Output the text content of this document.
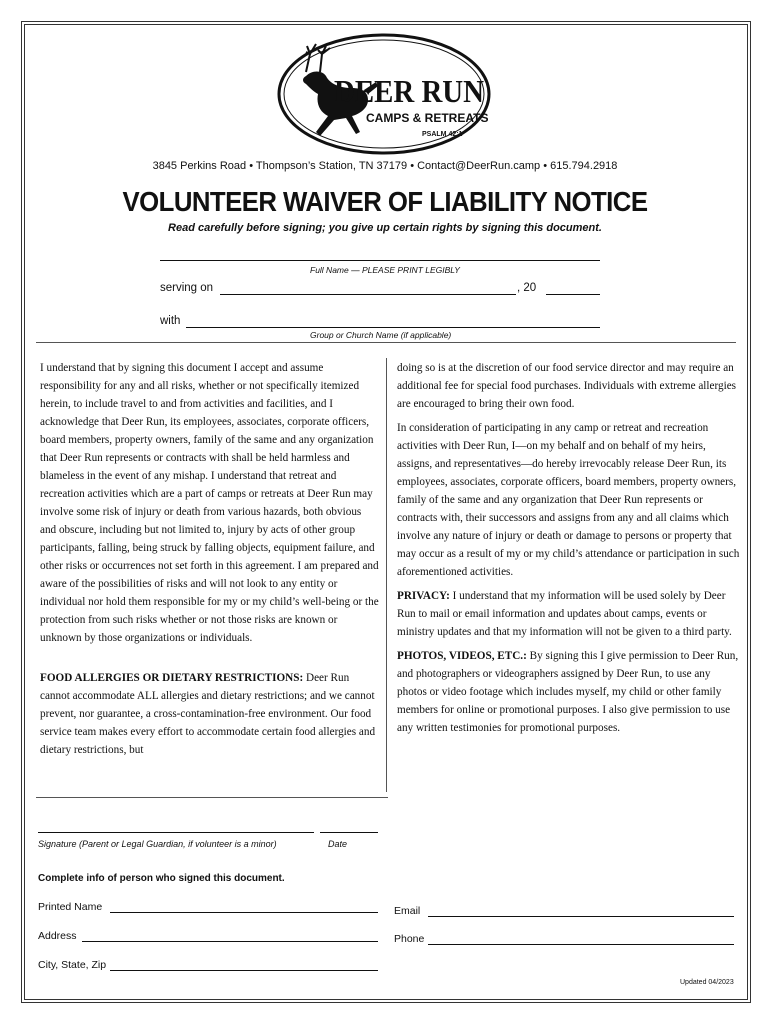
DEER RUN
CAMPS & RETREATS
PSALM 42:1
3845 Perkins Road • Thompson’s Station, TN 37179 • Contact@DeerRun.camp • 615.794.2918
VOLUNTEER WAIVER OF LIABILITY NOTICE
Read carefully before signing; you give up certain rights by signing this document.
Full Name — PLEASE PRINT LEGIBLY
serving on	, 20
with
Group or Church Name (if applicable)

I understand that by signing this document I accept and assume responsibility for any and all risks, whether or not specifically itemized herein, to include travel to and from activities and facilities, and I acknowledge that Deer Run, its employees, associates, corporate officers, board members, property owners, family of the same and any organization that Deer Run represents or contracts with shall be held harmless and blameless in the event of any mishap. I understand that retreat and recreation activities which are a part of camps or retreats at Deer Run may involve some risk of injury or death from various hazards, both obvious and obscure, including but not limited to, injury by acts of other group participants, falling, being struck by falling objects, equipment failure, and other risks or occurrences not set forth in this agreement. I am prepared and aware of the possibilities of risks and will not look to any entity or individual nor hold them responsible for my or my child’s well-being or the protection from such risks whether or not those risks are known or unknown by those organizations or individuals.

FOOD ALLERGIES OR DIETARY RESTRICTIONS: Deer Run cannot accommodate ALL allergies and dietary restrictions; and we cannot prevent, nor guarantee, a cross-contamination-free environment. Our food service team makes every effort to accommodate certain food allergies and dietary restrictions, but

doing so is at the discretion of our food service director and may require an additional fee for special food purchases. Individuals with extreme allergies are encouraged to bring their own food.

In consideration of participating in any camp or retreat and recreation activities with Deer Run, I—on my behalf and on behalf of my heirs, assigns, and representatives—do hereby irrevocably release Deer Run, its employees, associates, corporate officers, board members, property owners, family of the same and any organization that Deer Run represents or contracts with, their successors and assigns from any and all claims which involve any nature of injury or death or damage to persons or property that may occur as a result of my or my child’s attendance or participation in such aforementioned activities.

PRIVACY: I understand that my information will be used solely by Deer Run to mail or email information and updates about camps, events or ministry updates and that my information will not be given to a third party.

PHOTOS, VIDEOS, ETC.: By signing this I give permission to Deer Run, and photographers or videographers assigned by Deer Run, to use any photos or video footage which includes myself, my child or other family members for online or promotional purposes. I also give permission to use any written testimonies for promotional purposes.

Signature (Parent or Legal Guardian, if volunteer is a minor)	Date
Complete info of person who signed this document.
Printed Name
Address
City, State, Zip
Email
Phone
Updated 04/2023
